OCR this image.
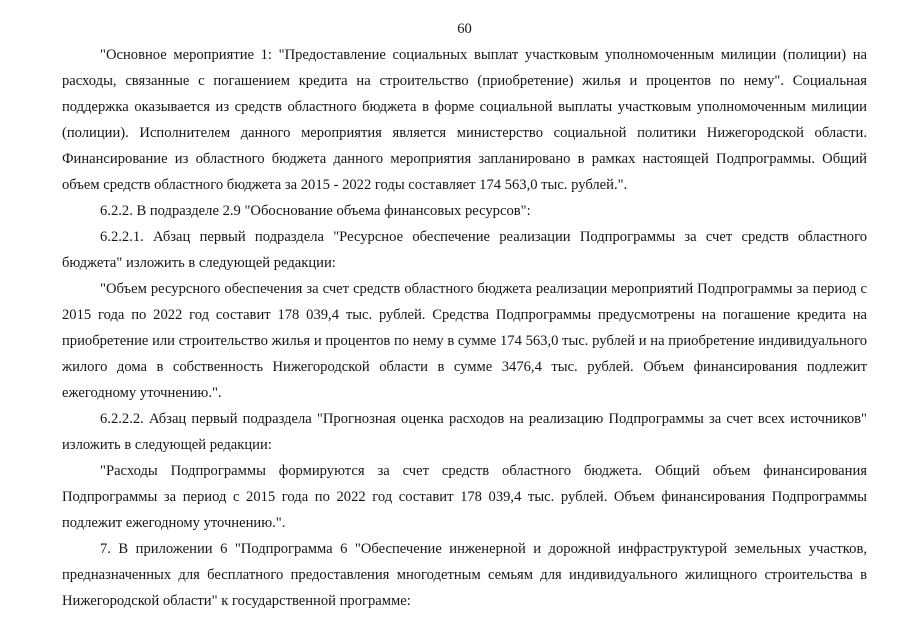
60

"Основное мероприятие 1: "Предоставление социальных выплат участковым уполномоченным милиции (полиции) на расходы, связанные с погашением кредита на строительство (приобретение) жилья и процентов по нему". Социальная поддержка оказывается из средств областного бюджета в форме социальной выплаты участковым уполномоченным милиции (полиции). Исполнителем данного мероприятия является министерство социальной политики Нижегородской области. Финансирование из областного бюджета данного мероприятия запланировано в рамках настоящей Подпрограммы. Общий объем средств областного бюджета за 2015 - 2022 годы составляет 174 563,0 тыс. рублей.".

6.2.2. В подразделе 2.9 "Обоснование объема финансовых ресурсов":

6.2.2.1. Абзац первый подраздела "Ресурсное обеспечение реализации Подпрограммы за счет средств областного бюджета" изложить в следующей редакции:

"Объем ресурсного обеспечения за счет средств областного бюджета реализации мероприятий Подпрограммы за период с 2015 года по 2022 год составит 178 039,4 тыс. рублей. Средства Подпрограммы предусмотрены на погашение кредита на приобретение или строительство жилья и процентов по нему в сумме 174 563,0 тыс. рублей и на приобретение индивидуального жилого дома в собственность Нижегородской области в сумме 3476,4 тыс. рублей. Объем финансирования подлежит ежегодному уточнению.".

6.2.2.2. Абзац первый подраздела "Прогнозная оценка расходов на реализацию Подпрограммы за счет всех источников" изложить в следующей редакции:

"Расходы Подпрограммы формируются за счет средств областного бюджета. Общий объем финансирования Подпрограммы за период с 2015 года по 2022 год составит 178 039,4 тыс. рублей. Объем финансирования Подпрограммы подлежит ежегодному уточнению.".

7. В приложении 6 "Подпрограмма 6 "Обеспечение инженерной и дорожной инфраструктурой земельных участков, предназначенных для бесплатного предоставления многодетным семьям для индивидуального жилищного строительства в Нижегородской области" к государственной программе:
